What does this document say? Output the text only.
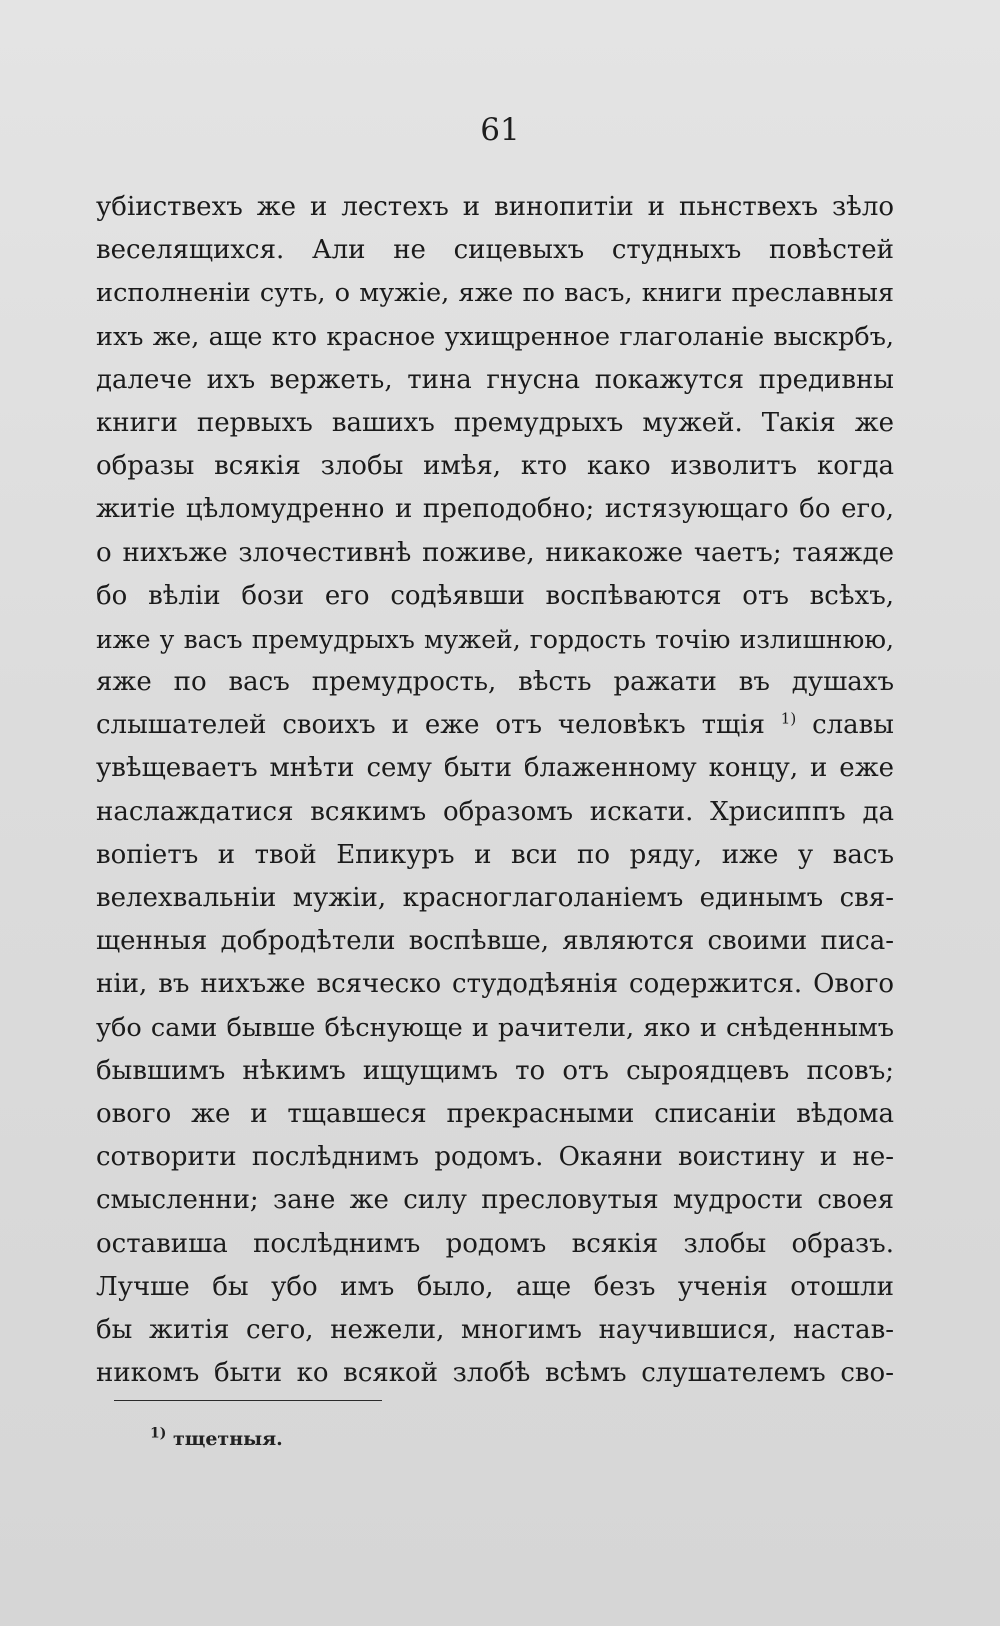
61
убіиствехъ же и лестехъ и винопитіи и пьнствехъ зѣло
веселящихся. Али не сицевыхъ студныхъ повѣстей
исполненіи суть, о мужіе, яже по васъ, книги преславныя
ихъ же, аще кто красное ухищренное глаголаніе выскрбъ,
далече ихъ вержеть, тина гнусна покажутся предивны
книги первыхъ вашихъ премудрыхъ мужей. Такія же
образы всякія злобы имѣя, кто како изволитъ когда
житіе цѣломудренно и преподобно; истязующаго бо его,
о нихъже злочестивнѣ поживе, никакоже чаетъ; таяжде
бо вѣліи бози его содѣявши воспѣваются отъ всѣхъ,
иже у васъ премудрыхъ мужей, гордость точію излишнюю,
яже по васъ премудрость, вѣсть ражати въ душахъ
слышателей своихъ и еже отъ человѣкъ тщія $^{1)}$ славы
увѣщеваетъ мнѣти сему быти блаженному концу, и еже
наслаждатися всякимъ образомъ искати. Хрисиппъ да
вопіетъ и твой Епикуръ и вси по ряду, иже у васъ
велехвальніи мужіи, красноглаголаніемъ единымъ свя-
щенныя добродѣтели воспѣвше, являются своими писа-
ніи, въ нихъже всяческо студодѣянія содержится. Ового
убо сами бывше бѣснующе и рачители, яко и снѣденнымъ
бывшимъ нѣкимъ ищущимъ то отъ сыроядцевъ псовъ;
овогo же и тщавшеся прекрасными списаніи вѣдома
сотворити послѣднимъ родомъ. Окаяни воистину и не-
смысленни; зане же силу пресловутыя мудрости своея
оставиша послѣднимъ родомъ всякія злобы образъ.
Лучше бы убо имъ было, аще безъ ученія отошли
бы житія сего, нежели, многимъ научившися, настав-
никомъ быти ко всякой злобѣ всѣмъ слушателемъ сво-
$^{1)}$ тщетныя.
